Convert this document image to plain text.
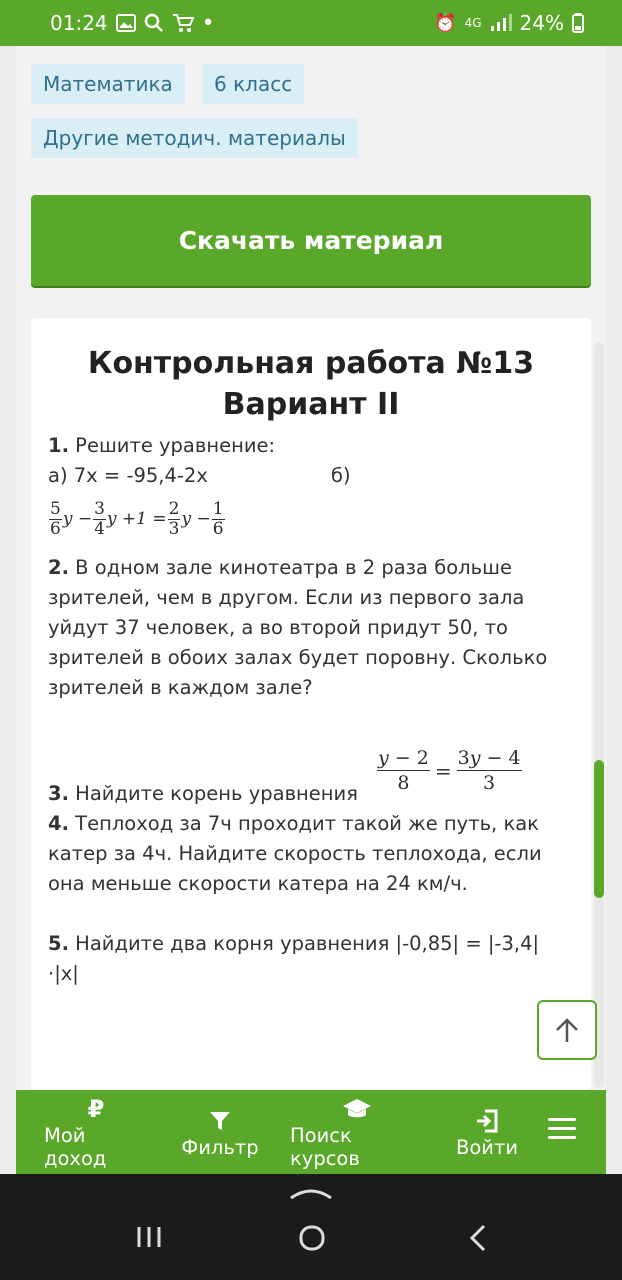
01:24	•	⏰ 4G 24%
Математика	6 класс
Другие методич. материалы
Скачать материал
Контрольная работа №13
Вариант II
1. Решите уравнение:
а) 7х = -95,4-2х	б)
$\frac{5}{6}$ $y - \frac{3}{4}$ $y +1 = \frac{2}{3}$ $y - \frac{1}{6}$
2. В одном зале кинотеатра в 2 раза больше
зрителей, чем в другом. Если из первого зала
уйдут 37 человек, а во второй придут 50, то
зрителей в обоих залах будет поровну. Сколько
зрителей в каждом зале?
$\frac{y - 2}{8} = \frac{3y - 4}{3}$
3. Найдите корень уравнения
4. Теплоход за 7ч проходит такой же путь, как
катер за 4ч. Найдите скорость теплохода, если
она меньше скорости катера на 24 км/ч.
5. Найдите два корня уравнения |-0,85| = |-3,4|
·|x|
₽
Мой доход	Фильтр Поиск курсов	Войти
